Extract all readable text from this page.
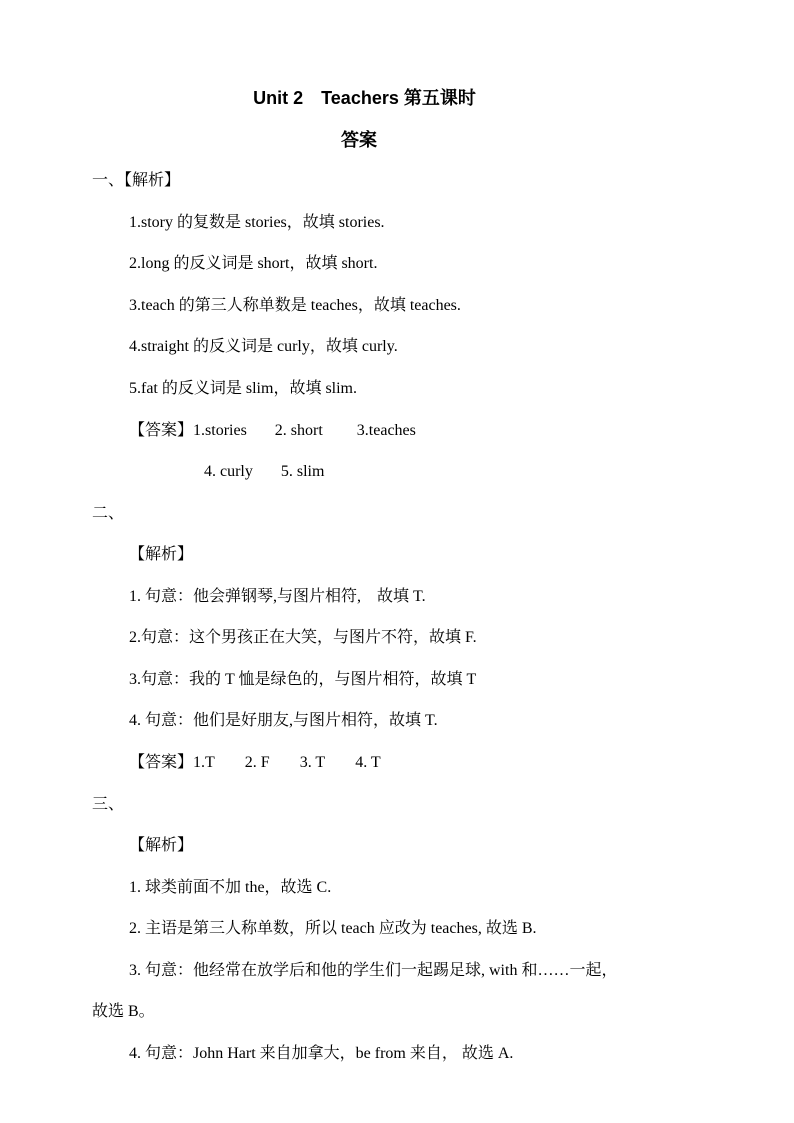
Unit 2　Teachers 第五课时
答案
一、【解析】
1.story 的复数是 stories，故填 stories.
2.long 的反义词是 short，故填 short.
3.teach 的第三人称单数是 teaches，故填 teaches.
4.straight 的反义词是 curly，故填 curly.
5.fat 的反义词是 slim，故填 slim.
【答案】1.stories 2. short 3.teaches
4. curly 5. slim
二、
【解析】
1. 句意：他会弹钢琴,与图片相符,　故填 T.
2.句意：这个男孩正在大笑，与图片不符，故填 F.
3.句意：我的 T 恤是绿色的，与图片相符，故填 T
4. 句意：他们是好朋友,与图片相符，故填 T.
【答案】1.T 2. F 3. T 4. T
三、
【解析】
1. 球类前面不加 the，故选 C.
2. 主语是第三人称单数，所以 teach 应改为 teaches, 故选 B.
3. 句意：他经常在放学后和他的学生们一起踢足球, with 和……一起，
故选 B。
4. 句意：John Hart 来自加拿大，be from 来自， 故选 A.
